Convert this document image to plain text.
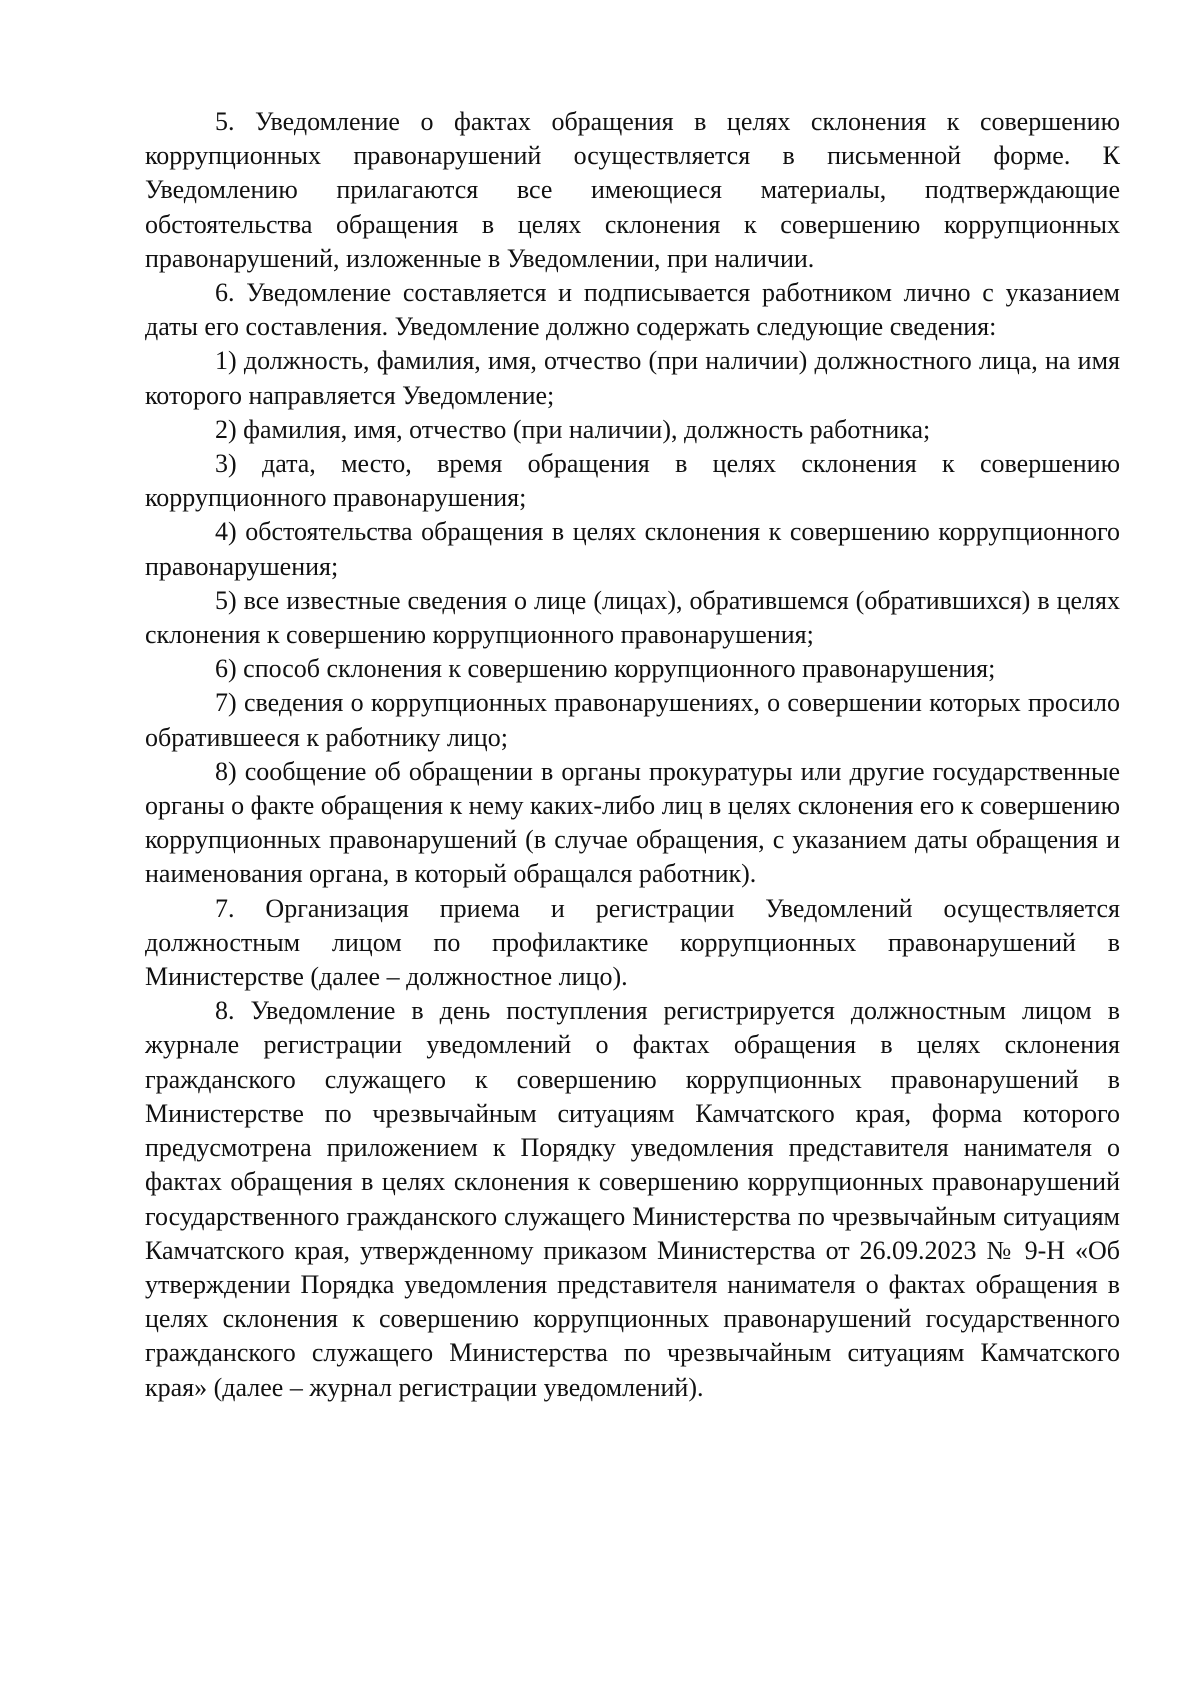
5. Уведомление о фактах обращения в целях склонения к совершению коррупционных правонарушений осуществляется в письменной форме. К Уведомлению прилагаются все имеющиеся материалы, подтверждающие обстоятельства обращения в целях склонения к совершению коррупционных правонарушений, изложенные в Уведомлении, при наличии.

6. Уведомление составляется и подписывается работником лично с указанием даты его составления. Уведомление должно содержать следующие сведения:

1) должность, фамилия, имя, отчество (при наличии) должностного лица, на имя которого направляется Уведомление;

2) фамилия, имя, отчество (при наличии), должность работника;

3) дата, место, время обращения в целях склонения к совершению коррупционного правонарушения;

4) обстоятельства обращения в целях склонения к совершению коррупционного правонарушения;

5) все известные сведения о лице (лицах), обратившемся (обратившихся) в целях склонения к совершению коррупционного правонарушения;

6) способ склонения к совершению коррупционного правонарушения;

7) сведения о коррупционных правонарушениях, о совершении которых просило обратившееся к работнику лицо;

8) сообщение об обращении в органы прокуратуры или другие государственные органы о факте обращения к нему каких-либо лиц в целях склонения его к совершению коррупционных правонарушений (в случае обращения, с указанием даты обращения и наименования органа, в который обращался работник).

7. Организация приема и регистрации Уведомлений осуществляется должностным лицом по профилактике коррупционных правонарушений в Министерстве (далее – должностное лицо).

8. Уведомление в день поступления регистрируется должностным лицом в журнале регистрации уведомлений о фактах обращения в целях склонения гражданского служащего к совершению коррупционных правонарушений в Министерстве по чрезвычайным ситуациям Камчатского края, форма которого предусмотрена приложением к Порядку уведомления представителя нанимателя о фактах обращения в целях склонения к совершению коррупционных правонарушений государственного гражданского служащего Министерства по чрезвычайным ситуациям Камчатского края, утвержденному приказом Министерства от 26.09.2023 № 9-Н «Об утверждении Порядка уведомления представителя нанимателя о фактах обращения в целях склонения к совершению коррупционных правонарушений государственного гражданского служащего Министерства по чрезвычайным ситуациям Камчатского края» (далее – журнал регистрации уведомлений).
